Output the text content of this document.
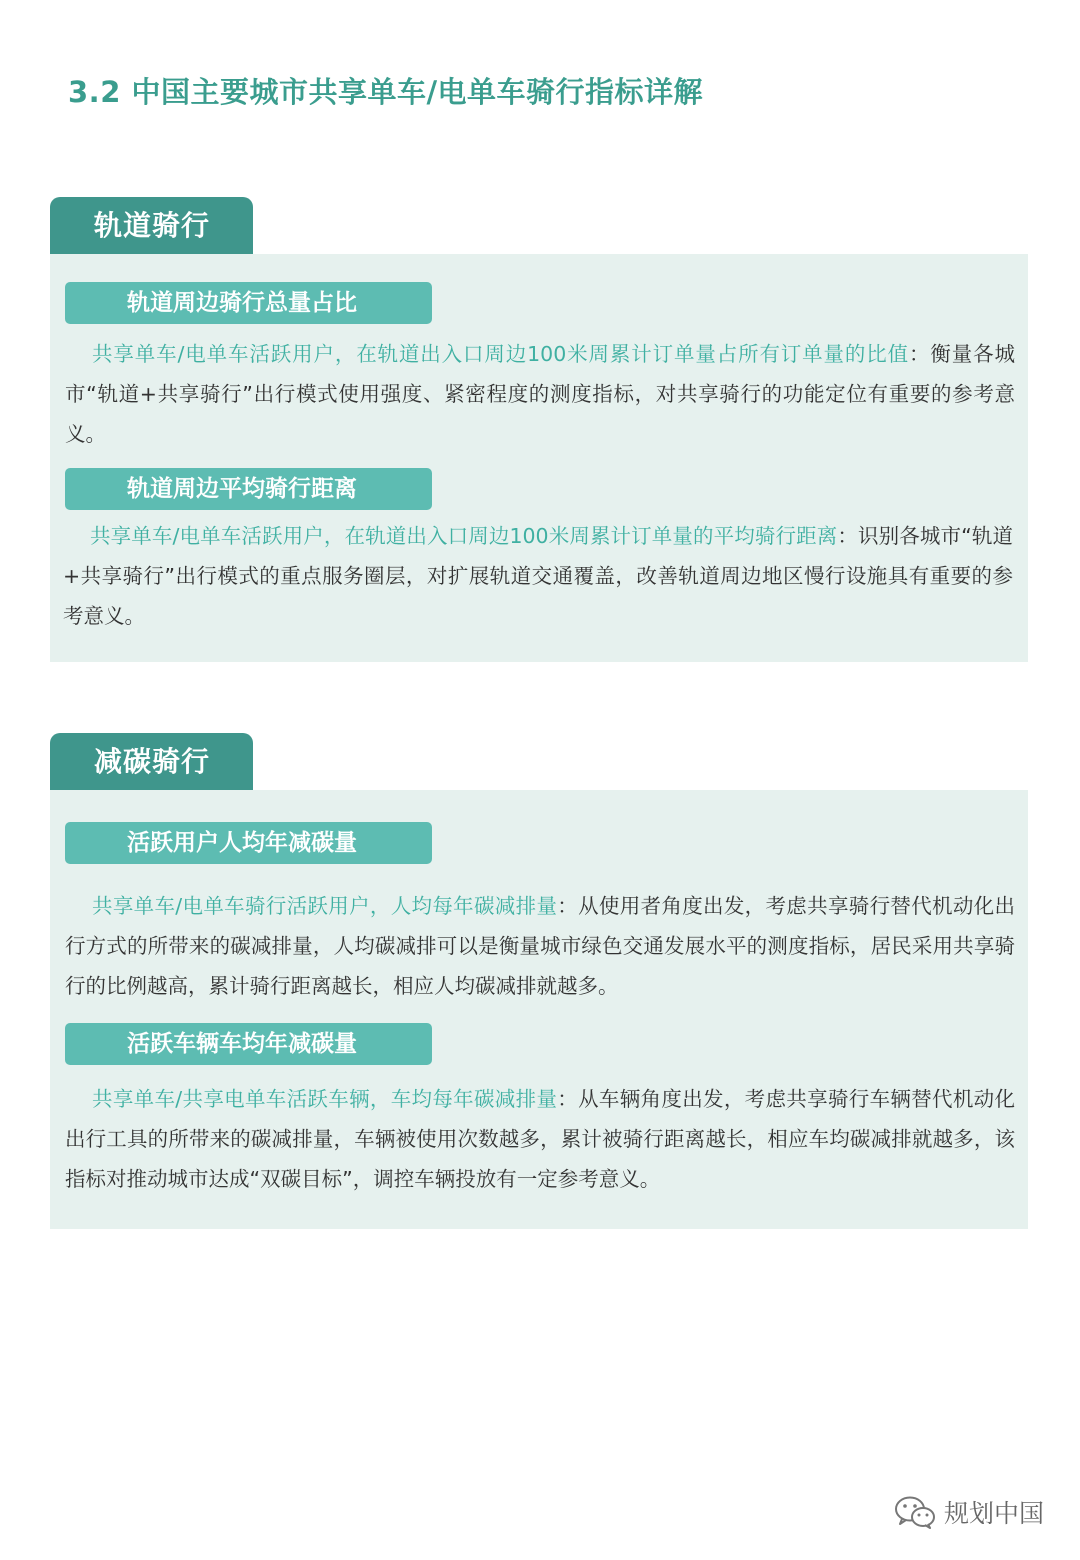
3.2 中国主要城市共享单车/电单车骑行指标详解
轨道骑行
轨道周边骑行总量占比
共享单车/电单车活跃用户，在轨道出入口周边100米周累计订单量占所有订单量的比值：衡量各城市“轨道+共享骑行”出行模式使用强度、紧密程度的测度指标，对共享骑行的功能定位有重要的参考意义。
轨道周边平均骑行距离
共享单车/电单车活跃用户，在轨道出入口周边100米周累计订单量的平均骑行距离：识别各城市“轨道+共享骑行”出行模式的重点服务圈层，对扩展轨道交通覆盖，改善轨道周边地区慢行设施具有重要的参考意义。
减碳骑行
活跃用户人均年减碳量
共享单车/电单车骑行活跃用户，人均每年碳减排量：从使用者角度出发，考虑共享骑行替代机动化出行方式的所带来的碳减排量，人均碳减排可以是衡量城市绿色交通发展水平的测度指标，居民采用共享骑行的比例越高，累计骑行距离越长，相应人均碳减排就越多。
活跃车辆车均年减碳量
共享单车/共享电单车活跃车辆，车均每年碳减排量：从车辆角度出发，考虑共享骑行车辆替代机动化出行工具的所带来的碳减排量，车辆被使用次数越多，累计被骑行距离越长，相应车均碳减排就越多，该指标对推动城市达成“双碳目标”，调控车辆投放有一定参考意义。
规划中国
